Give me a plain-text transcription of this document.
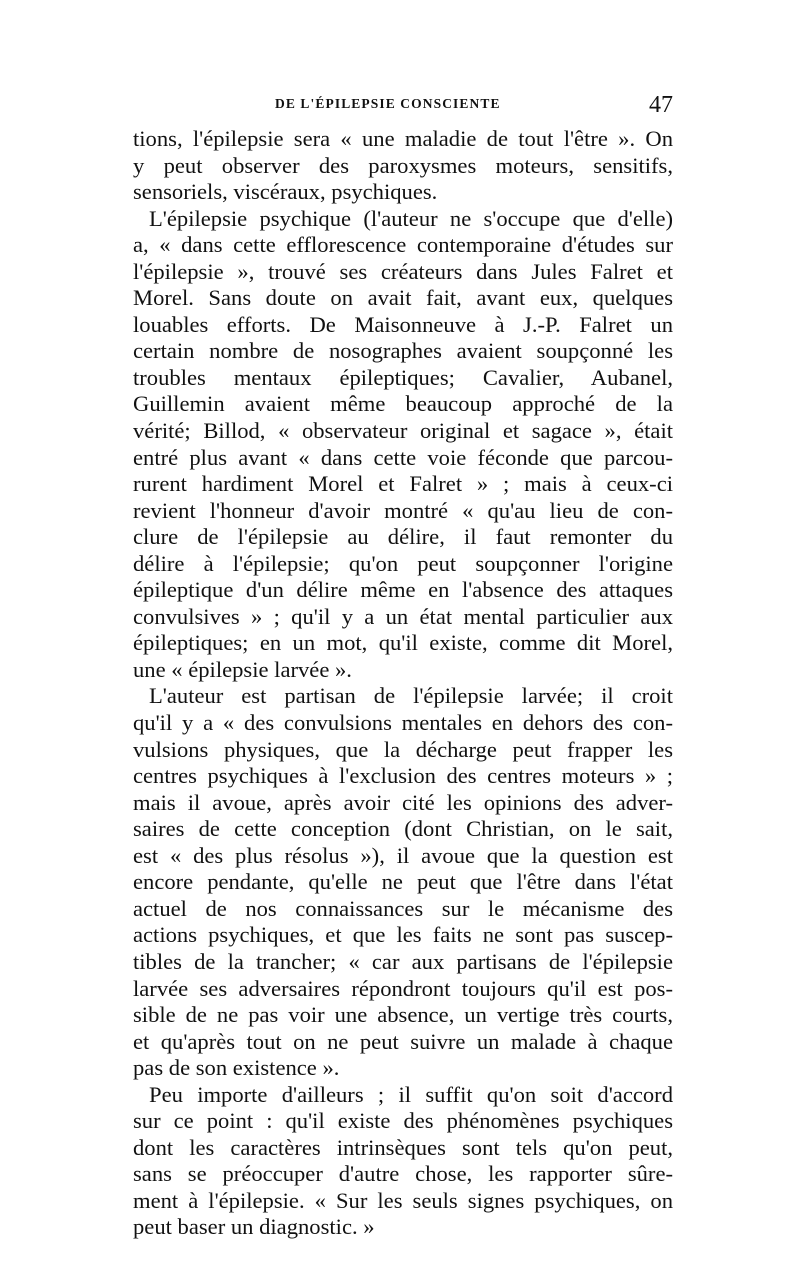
DE L'ÉPILEPSIE CONSCIENTE	47
tions, l'épilepsie sera « une maladie de tout l'être ». On
y peut observer des paroxysmes moteurs, sensitifs,
sensoriels, viscéraux, psychiques.
L'épilepsie psychique (l'auteur ne s'occupe que d'elle)
a, « dans cette efflorescence contemporaine d'études sur
l'épilepsie », trouvé ses créateurs dans Jules Falret et
Morel. Sans doute on avait fait, avant eux, quelques
louables efforts. De Maisonneuve à J.-P. Falret un
certain nombre de nosographes avaient soupçonné les
troubles mentaux épileptiques; Cavalier, Aubanel,
Guillemin avaient même beaucoup approché de la
vérité; Billod, « observateur original et sagace », était
entré plus avant « dans cette voie féconde que parcou-
rurent hardiment Morel et Falret » ; mais à ceux-ci
revient l'honneur d'avoir montré « qu'au lieu de con-
clure de l'épilepsie au délire, il faut remonter du
délire à l'épilepsie; qu'on peut soupçonner l'origine
épileptique d'un délire même en l'absence des attaques
convulsives » ; qu'il y a un état mental particulier aux
épileptiques; en un mot, qu'il existe, comme dit Morel,
une « épilepsie larvée ».
L'auteur est partisan de l'épilepsie larvée; il croit
qu'il y a « des convulsions mentales en dehors des con-
vulsions physiques, que la décharge peut frapper les
centres psychiques à l'exclusion des centres moteurs » ;
mais il avoue, après avoir cité les opinions des adver-
saires de cette conception (dont Christian, on le sait,
est « des plus résolus »), il avoue que la question est
encore pendante, qu'elle ne peut que l'être dans l'état
actuel de nos connaissances sur le mécanisme des
actions psychiques, et que les faits ne sont pas suscep-
tibles de la trancher; « car aux partisans de l'épilepsie
larvée ses adversaires répondront toujours qu'il est pos-
sible de ne pas voir une absence, un vertige très courts,
et qu'après tout on ne peut suivre un malade à chaque
pas de son existence ».
Peu importe d'ailleurs ; il suffit qu'on soit d'accord
sur ce point : qu'il existe des phénomènes psychiques
dont les caractères intrinsèques sont tels qu'on peut,
sans se préoccuper d'autre chose, les rapporter sûre-
ment à l'épilepsie. « Sur les seuls signes psychiques, on
peut baser un diagnostic. »
